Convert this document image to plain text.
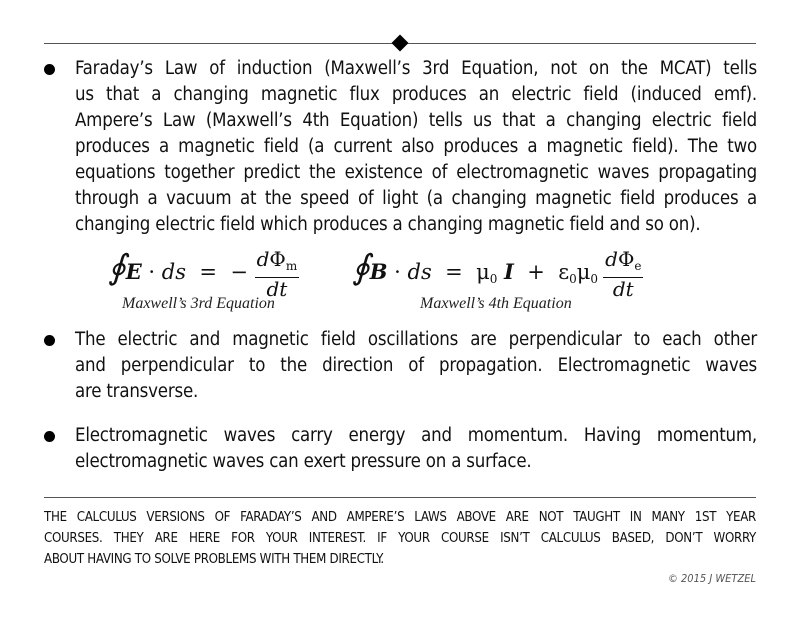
Faraday’s Law of induction (Maxwell’s 3rd Equation, not on the MCAT) tells
us that a changing magnetic flux produces an electric field (induced emf).
Ampere’s Law (Maxwell’s 4th Equation) tells us that a changing electric field
produces a magnetic field (a current also produces a magnetic field). The two
equations together predict the existence of electromagnetic waves propagating
through a vacuum at the speed of light (a changing magnetic field produces a
changing electric field which produces a changing magnetic field and so on).
∮E · ds  =  − $\frac{d\Phi_m}{dt}$
Maxwell’s 3rd Equation
∮B · ds  =  $\mu_0$ $I + \varepsilon_0\mu_0 \frac{d\Phi_e}{dt}$
Maxwell’s 4th Equation
The electric and magnetic field oscillations are perpendicular to each other
and perpendicular to the direction of propagation. Electromagnetic waves
are transverse.
Electromagnetic waves carry energy and momentum. Having momentum,
electromagnetic waves can exert pressure on a surface.
THE CALCULUS VERSIONS OF FARADAY’S AND AMPERE’S LAWS ABOVE ARE NOT TAUGHT IN MANY 1ST YEAR
COURSES. THEY ARE HERE FOR YOUR INTEREST. IF YOUR COURSE ISN’T CALCULUS BASED, DON’T WORRY
ABOUT HAVING TO SOLVE PROBLEMS WITH THEM DIRECTLY.
© 2015 J WETZEL
